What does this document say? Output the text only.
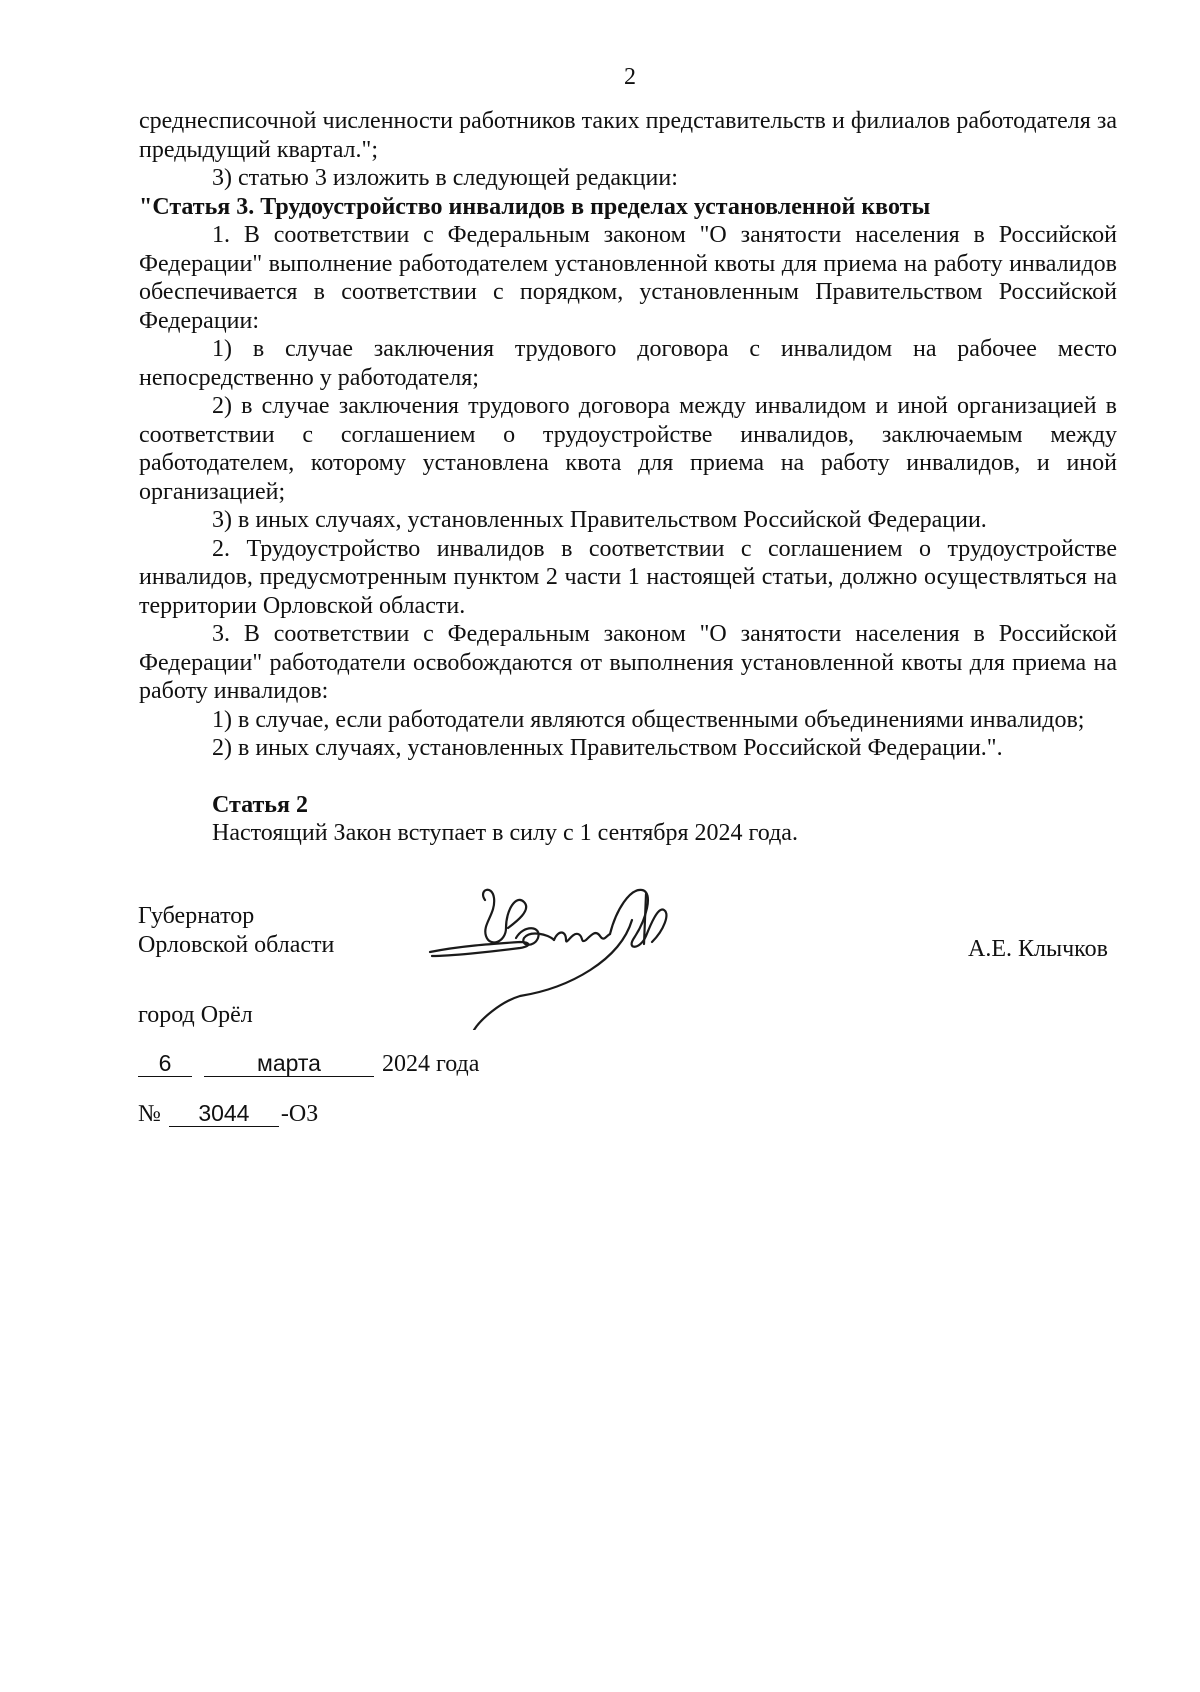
2

среднесписочной численности работников таких представительств и филиалов работодателя за предыдущий квартал.";

3) статью 3 изложить в следующей редакции:

"Статья 3. Трудоустройство инвалидов в пределах установленной квоты

1. В соответствии с Федеральным законом "О занятости населения в Российской Федерации" выполнение работодателем установленной квоты для приема на работу инвалидов обеспечивается в соответствии с порядком, установленным Правительством Российской Федерации:

1) в случае заключения трудового договора с инвалидом на рабочее место непосредственно у работодателя;

2) в случае заключения трудового договора между инвалидом и иной организацией в соответствии с соглашением о трудоустройстве инвалидов, заключаемым между работодателем, которому установлена квота для приема на работу инвалидов, и иной организацией;

3) в иных случаях, установленных Правительством Российской Федерации.

2. Трудоустройство инвалидов в соответствии с соглашением о трудоустройстве инвалидов, предусмотренным пунктом 2 части 1 настоящей статьи, должно осуществляться на территории Орловской области.

3. В соответствии с Федеральным законом "О занятости населения в Российской Федерации" работодатели освобождаются от выполнения установленной квоты для приема на работу инвалидов:

1) в случае, если работодатели являются общественными объединениями инвалидов;

2) в иных случаях, установленных Правительством Российской Федерации.".

Статья 2

Настоящий Закон вступает в силу с 1 сентября 2024 года.

Губернатор
Орловской области	А.Е. Клычков
город Орёл
6	марта	2024 года
№ 3044 -ОЗ
